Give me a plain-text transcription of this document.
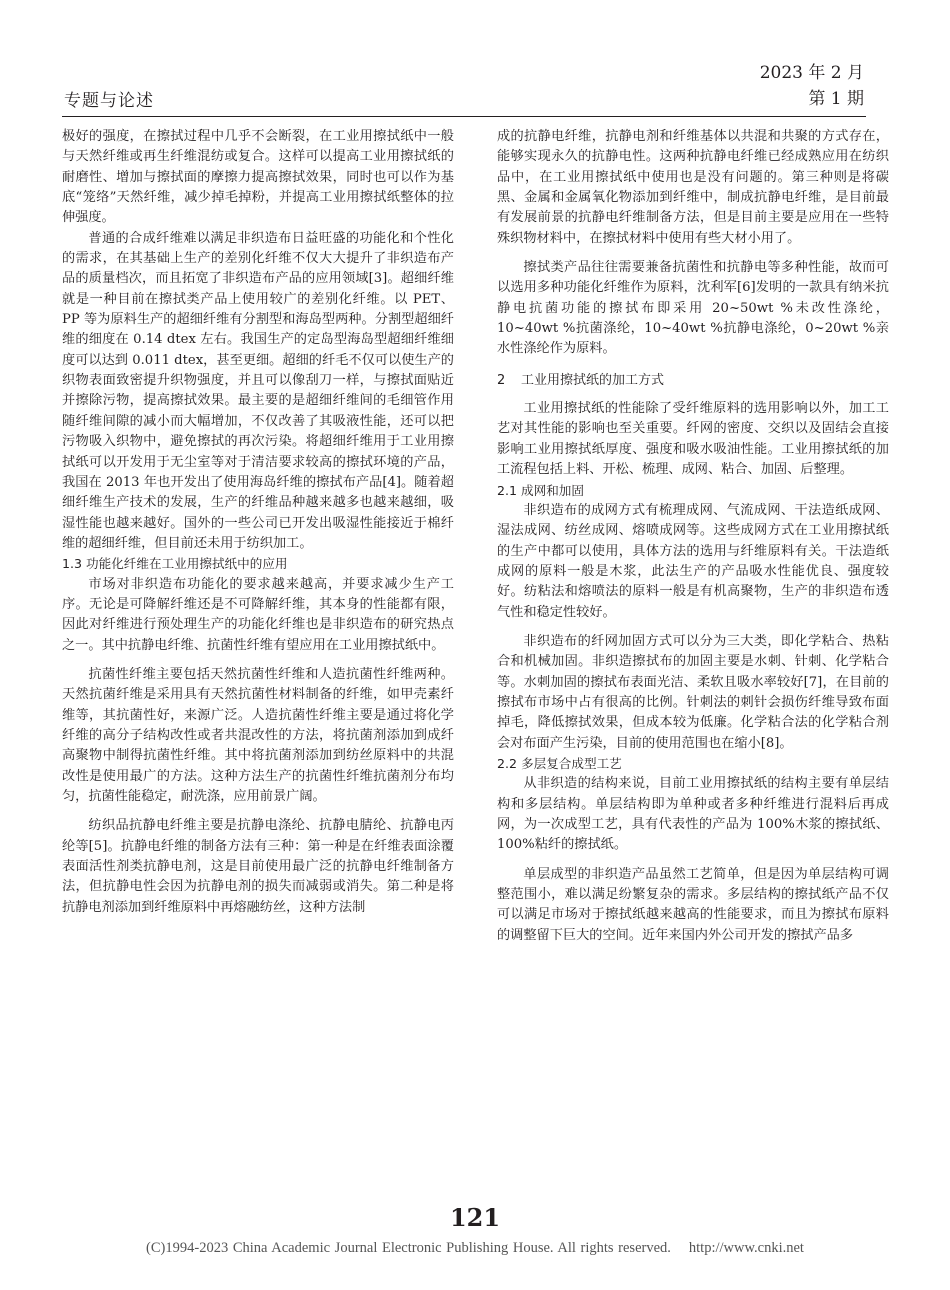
专题与论述
2023 年 2 月
第 1 期

极好的强度，在擦拭过程中几乎不会断裂，在工业用擦拭纸中一般与天然纤维或再生纤维混纺或复合。这样可以提高工业用擦拭纸的耐磨性、增加与擦拭面的摩擦力提高擦拭效果，同时也可以作为基底“笼络”天然纤维，减少掉毛掉粉，并提高工业用擦拭纸整体的拉伸强度。

普通的合成纤维难以满足非织造布日益旺盛的功能化和个性化的需求，在其基础上生产的差别化纤维不仅大大提升了非织造布产品的质量档次，而且拓宽了非织造布产品的应用领域[3]。超细纤维就是一种目前在擦拭类产品上使用较广的差别化纤维。以 PET、PP 等为原料生产的超细纤维有分割型和海岛型两种。分割型超细纤维的细度在 0.14 dtex 左右。我国生产的定岛型海岛型超细纤维细度可以达到 0.011 dtex，甚至更细。超细的纤毛不仅可以使生产的织物表面致密提升织物强度，并且可以像刮刀一样，与擦拭面贴近并擦除污物，提高擦拭效果。最主要的是超细纤维间的毛细管作用随纤维间隙的减小而大幅增加，不仅改善了其吸液性能，还可以把污物吸入织物中，避免擦拭的再次污染。将超细纤维用于工业用擦拭纸可以开发用于无尘室等对于清洁要求较高的擦拭环境的产品，我国在 2013 年也开发出了使用海岛纤维的擦拭布产品[4]。随着超细纤维生产技术的发展，生产的纤维品种越来越多也越来越细，吸湿性能也越来越好。国外的一些公司已开发出吸湿性能接近于棉纤维的超细纤维，但目前还未用于纺织加工。

1.3 功能化纤维在工业用擦拭纸中的应用

市场对非织造布功能化的要求越来越高，并要求减少生产工序。无论是可降解纤维还是不可降解纤维，其本身的性能都有限，因此对纤维进行预处理生产的功能化纤维也是非织造布的研究热点之一。其中抗静电纤维、抗菌性纤维有望应用在工业用擦拭纸中。

抗菌性纤维主要包括天然抗菌性纤维和人造抗菌性纤维两种。天然抗菌纤维是采用具有天然抗菌性材料制备的纤维，如甲壳素纤维等，其抗菌性好，来源广泛。人造抗菌性纤维主要是通过将化学纤维的高分子结构改性或者共混改性的方法，将抗菌剂添加到成纤高聚物中制得抗菌性纤维。其中将抗菌剂添加到纺丝原料中的共混改性是使用最广的方法。这种方法生产的抗菌性纤维抗菌剂分布均匀，抗菌性能稳定，耐洗涤，应用前景广阔。

纺织品抗静电纤维主要是抗静电涤纶、抗静电腈纶、抗静电丙纶等[5]。抗静电纤维的制备方法有三种：第一种是在纤维表面涂覆表面活性剂类抗静电剂，这是目前使用最广泛的抗静电纤维制备方法，但抗静电性会因为抗静电剂的损失而减弱或消失。第二种是将抗静电剂添加到纤维原料中再熔融纺丝，这种方法制

成的抗静电纤维，抗静电剂和纤维基体以共混和共聚的方式存在，能够实现永久的抗静电性。这两种抗静电纤维已经成熟应用在纺织品中，在工业用擦拭纸中使用也是没有问题的。第三种则是将碳黑、金属和金属氧化物添加到纤维中，制成抗静电纤维，是目前最有发展前景的抗静电纤维制备方法，但是目前主要是应用在一些特殊织物材料中，在擦拭材料中使用有些大材小用了。

擦拭类产品往往需要兼备抗菌性和抗静电等多种性能，故而可以选用多种功能化纤维作为原料，沈利军[6]发明的一款具有纳米抗静电抗菌功能的擦拭布即采用 20~50wt %未改性涤纶，10~40wt %抗菌涤纶，10~40wt %抗静电涤纶，0~20wt %亲水性涤纶作为原料。

2 工业用擦拭纸的加工方式

工业用擦拭纸的性能除了受纤维原料的选用影响以外，加工工艺对其性能的影响也至关重要。纤网的密度、交织以及固结会直接影响工业用擦拭纸厚度、强度和吸水吸油性能。工业用擦拭纸的加工流程包括上料、开松、梳理、成网、粘合、加固、后整理。

2.1 成网和加固

非织造布的成网方式有梳理成网、气流成网、干法造纸成网、湿法成网、纺丝成网、熔喷成网等。这些成网方式在工业用擦拭纸的生产中都可以使用，具体方法的选用与纤维原料有关。干法造纸成网的原料一般是木浆，此法生产的产品吸水性能优良、强度较好。纺粘法和熔喷法的原料一般是有机高聚物，生产的非织造布透气性和稳定性较好。

非织造布的纤网加固方式可以分为三大类，即化学粘合、热粘合和机械加固。非织造擦拭布的加固主要是水刺、针刺、化学粘合等。水刺加固的擦拭布表面光洁、柔软且吸水率较好[7]，在目前的擦拭布市场中占有很高的比例。针刺法的刺针会损伤纤维导致布面掉毛，降低擦拭效果，但成本较为低廉。化学粘合法的化学粘合剂会对布面产生污染，目前的使用范围也在缩小[8]。

2.2 多层复合成型工艺

从非织造的结构来说，目前工业用擦拭纸的结构主要有单层结构和多层结构。单层结构即为单种或者多种纤维进行混料后再成网，为一次成型工艺，具有代表性的产品为 100%木浆的擦拭纸、100%粘纤的擦拭纸。

单层成型的非织造产品虽然工艺简单，但是因为单层结构可调整范围小，难以满足纷繁复杂的需求。多层结构的擦拭纸产品不仅可以满足市场对于擦拭纸越来越高的性能要求，而且为擦拭布原料的调整留下巨大的空间。近年来国内外公司开发的擦拭产品多

121
(C)1994-2023 China Academic Journal Electronic Publishing House. All rights reserved. http://www.cnki.net
